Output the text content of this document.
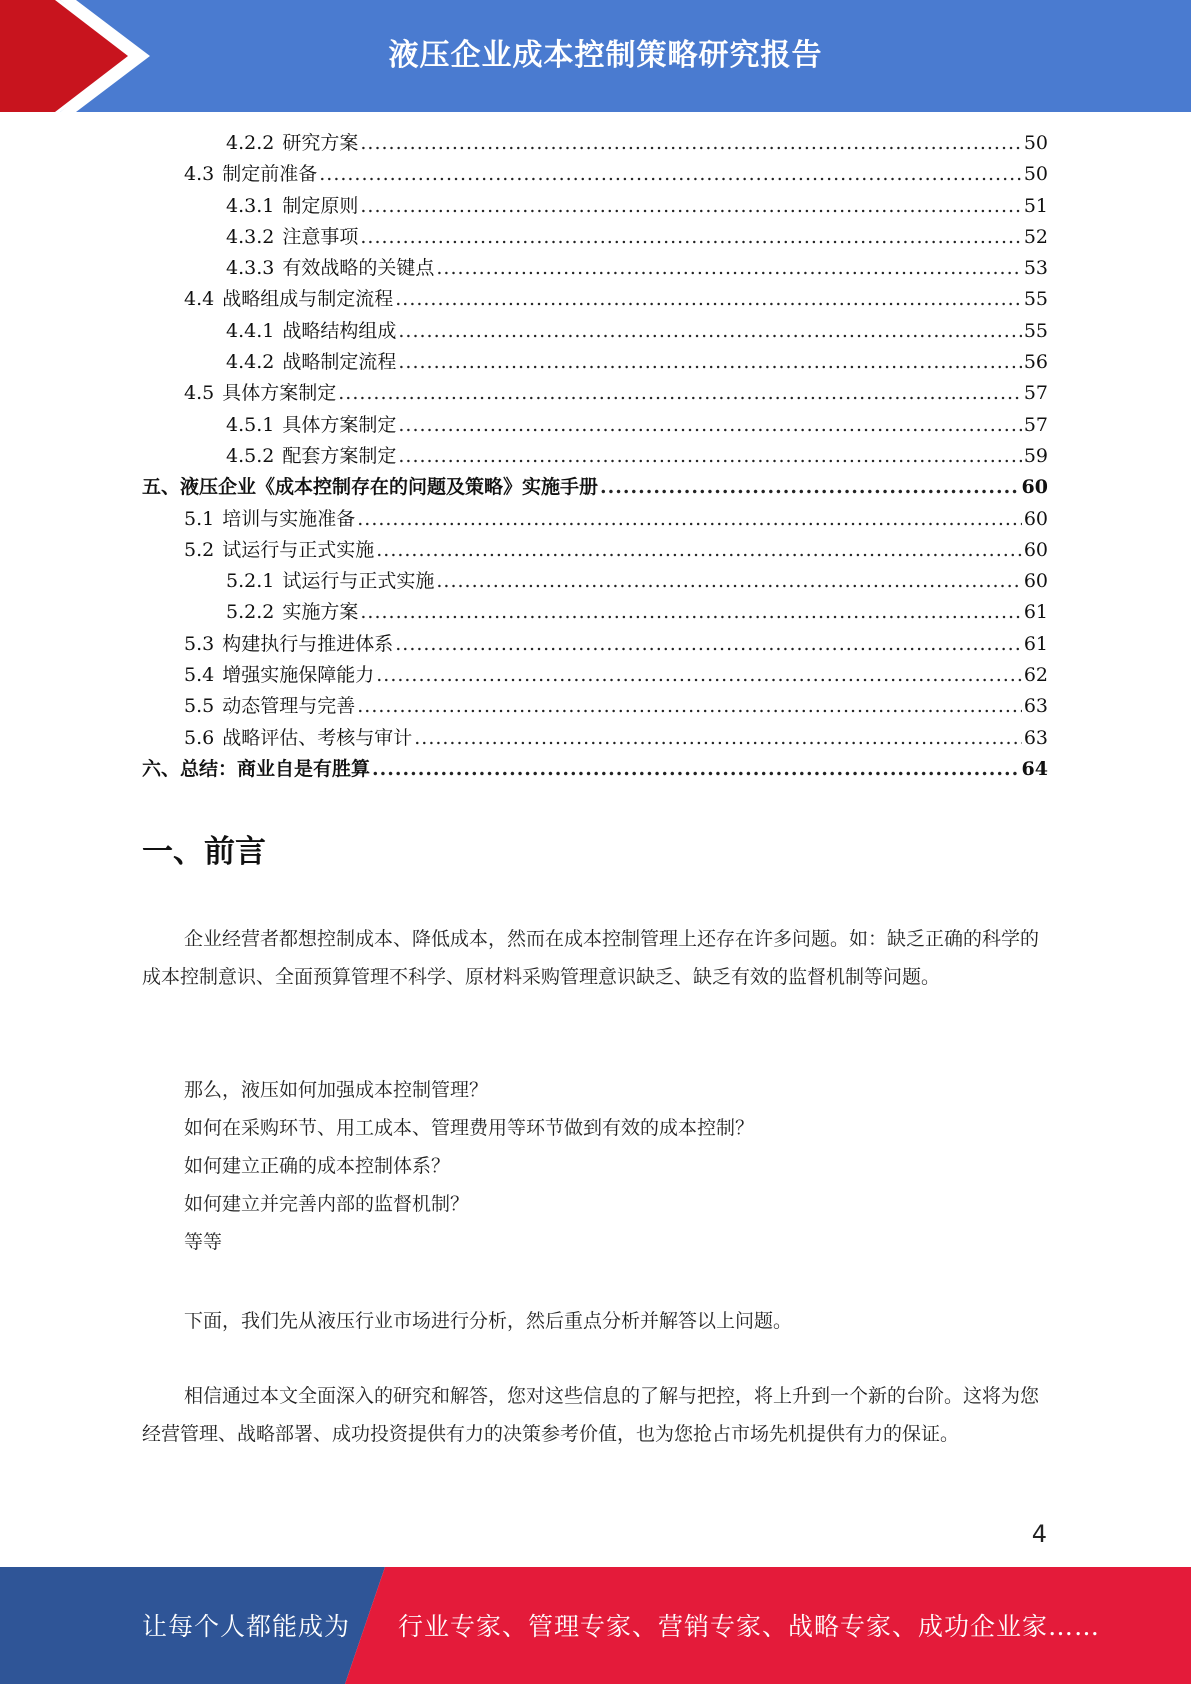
液压企业成本控制策略研究报告
4.2.2 研究方案 .....	50
4.3 制定前准备 .....	50
4.3.1 制定原则 .....	51
4.3.2 注意事项 .....	52
4.3.3 有效战略的关键点 .....	53
4.4 战略组成与制定流程 .....	55
4.4.1 战略结构组成 .....	55
4.4.2 战略制定流程 .....	56
4.5 具体方案制定 .....	57
4.5.1 具体方案制定 .....	57
4.5.2 配套方案制定 .....	59
五、液压企业《成本控制存在的问题及策略》实施手册 .....	60
5.1 培训与实施准备 .....	60
5.2 试运行与正式实施 .....	60
5.2.1 试运行与正式实施 .....	60
5.2.2 实施方案 .....	61
5.3 构建执行与推进体系 .....	61
5.4 增强实施保障能力 .....	62
5.5 动态管理与完善 .....	63
5.6 战略评估、考核与审计 .....	63
六、总结：商业自是有胜算 .....	64
一、前言

企业经营者都想控制成本、降低成本，然而在成本控制管理上还存在许多问题。如：缺乏正确的科学的成本控制意识、全面预算管理不科学、原材料采购管理意识缺乏、缺乏有效的监督机制等问题。

那么，液压如何加强成本控制管理？
如何在采购环节、用工成本、管理费用等环节做到有效的成本控制？
如何建立正确的成本控制体系？
如何建立并完善内部的监督机制？
等等

下面，我们先从液压行业市场进行分析，然后重点分析并解答以上问题。

相信通过本文全面深入的研究和解答，您对这些信息的了解与把控，将上升到一个新的台阶。这将为您经营管理、战略部署、成功投资提供有力的决策参考价值，也为您抢占市场先机提供有力的保证。

4
让每个人都能成为 行业专家、管理专家、营销专家、战略专家、成功企业家……
